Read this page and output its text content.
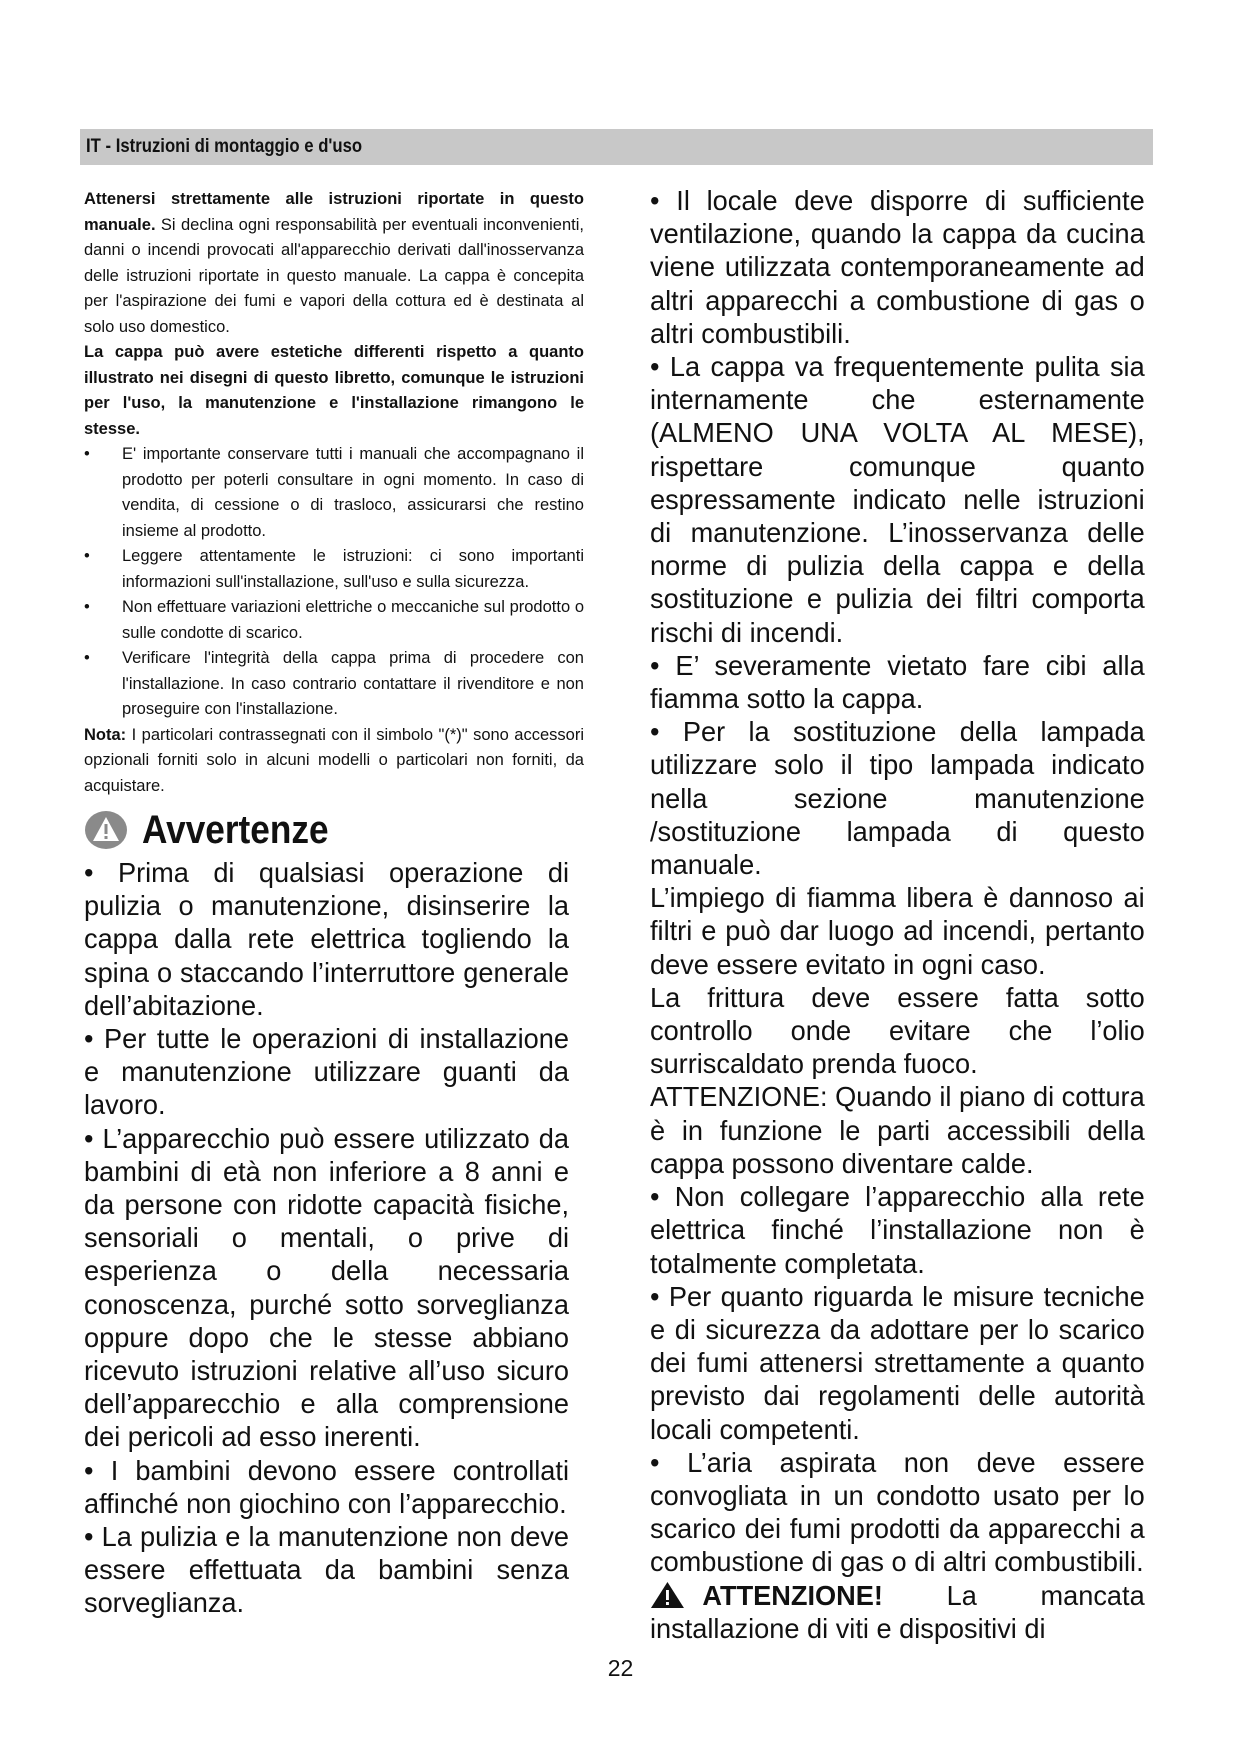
IT - Istruzioni di montaggio e d'uso

Attenersi strettamente alle istruzioni riportate in questo manuale. Si declina ogni responsabilità per eventuali inconvenienti, danni o incendi provocati all'apparecchio derivati dall'inosservanza delle istruzioni riportate in questo manuale. La cappa è concepita per l'aspirazione dei fumi e vapori della cottura ed è destinata al solo uso domestico.

La cappa può avere estetiche differenti rispetto a quanto illustrato nei disegni di questo libretto, comunque le istruzioni per l'uso, la manutenzione e l'installazione rimangono le stesse.

• E' importante conservare tutti i manuali che accompagnano il prodotto per poterli consultare in ogni momento. In caso di vendita, di cessione o di trasloco, assicurarsi che restino insieme al prodotto.

• Leggere attentamente le istruzioni: ci sono importanti informazioni sull'installazione, sull'uso e sulla sicurezza.

• Non effettuare variazioni elettriche o meccaniche sul prodotto o sulle condotte di scarico.

• Verificare l'integrità della cappa prima di procedere con l'installazione. In caso contrario contattare il rivenditore e non proseguire con l'installazione.

Nota: I particolari contrassegnati con il simbolo "(*)" sono accessori opzionali forniti solo in alcuni modelli o particolari non forniti, da acquistare.

Avvertenze

• Prima di qualsiasi operazione di pulizia o manutenzione, disinserire la cappa dalla rete elettrica togliendo la spina o staccando l’interruttore generale dell’abitazione.

• Per tutte le operazioni di installazione e manutenzione utilizzare guanti da lavoro.

• L’apparecchio può essere utilizzato da bambini di età non inferiore a 8 anni e da persone con ridotte capacità fisiche, sensoriali o mentali, o prive di esperienza o della necessaria conoscenza, purché sotto sorveglianza oppure dopo che le stesse abbiano ricevuto istruzioni relative all’uso sicuro dell’apparecchio e alla comprensione dei pericoli ad esso inerenti.

• I bambini devono essere controllati affinché non giochino con l’apparecchio.

• La pulizia e la manutenzione non deve essere effettuata da bambini senza sorveglianza.

• Il locale deve disporre di sufficiente ventilazione, quando la cappa da cucina viene utilizzata contemporaneamente ad altri apparecchi a combustione di gas o altri combustibili.

• La cappa va frequentemente pulita sia internamente che esternamente (ALMENO UNA VOLTA AL MESE), rispettare comunque quanto espressamente indicato nelle istruzioni di manutenzione. L’inosservanza delle norme di pulizia della cappa e della sostituzione e pulizia dei filtri comporta rischi di incendi.

• E’ severamente vietato fare cibi alla fiamma sotto la cappa.

• Per la sostituzione della lampada utilizzare solo il tipo lampada indicato nella sezione manutenzione /sostituzione lampada di questo manuale.

L’impiego di fiamma libera è dannoso ai filtri e può dar luogo ad incendi, pertanto deve essere evitato in ogni caso.

La frittura deve essere fatta sotto controllo onde evitare che l’olio surriscaldato prenda fuoco.

ATTENZIONE: Quando il piano di cottura è in funzione le parti accessibili della cappa possono diventare calde.

• Non collegare l’apparecchio alla rete elettrica finché l’installazione non è totalmente completata.

• Per quanto riguarda le misure tecniche e di sicurezza da adottare per lo scarico dei fumi attenersi strettamente a quanto previsto dai regolamenti delle autorità locali competenti.

• L’aria aspirata non deve essere convogliata in un condotto usato per lo scarico dei fumi prodotti da apparecchi a combustione di gas o di altri combustibili.

ATTENZIONE! La mancata installazione di viti e dispositivi di

22
